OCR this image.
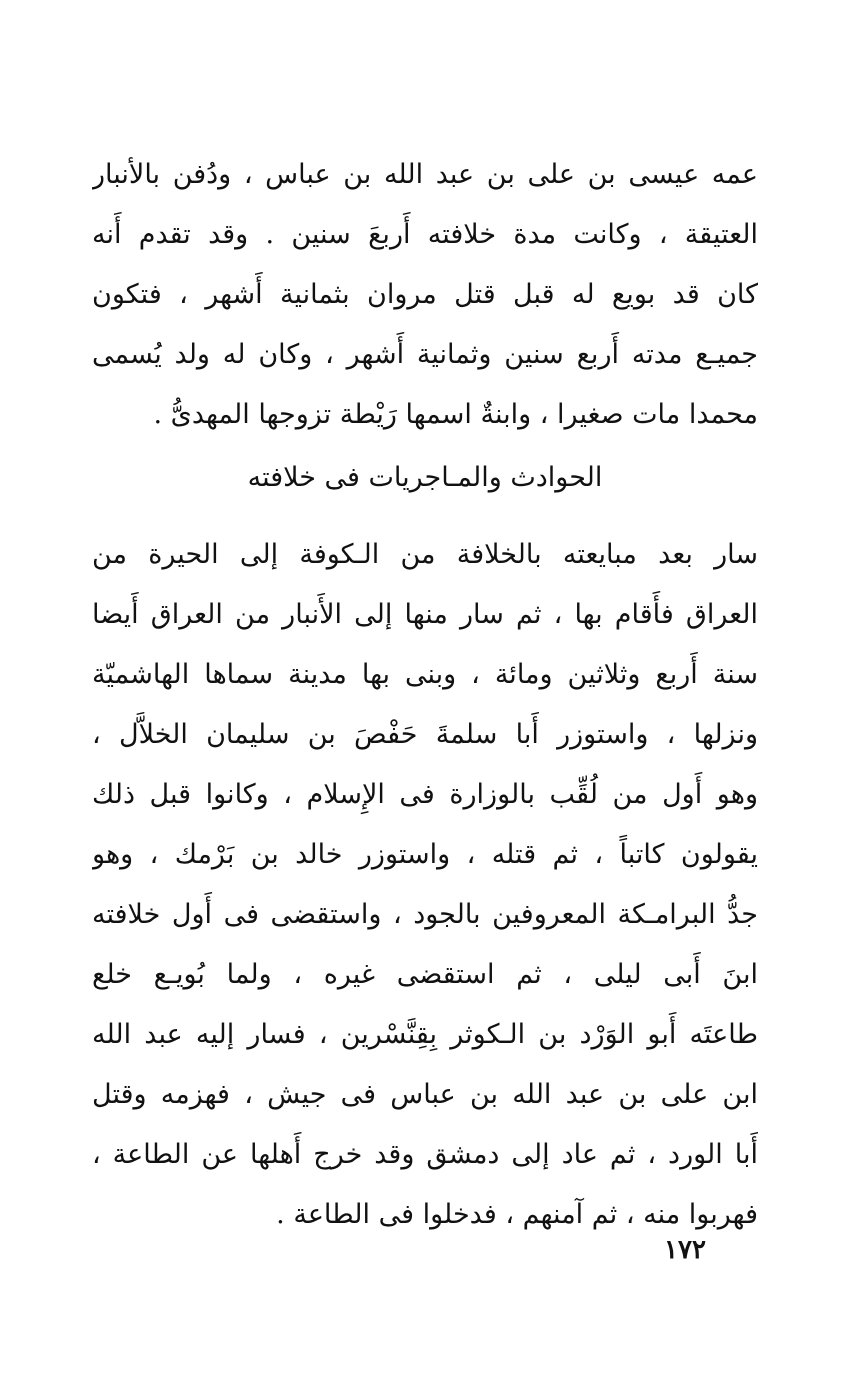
عمه عيسى بن على بن عبد الله بن عباس ، ودُفن بالأنبار
العتيقة ، وكانت مدة خلافته أَربعَ سنين . وقد تقدم أَنه
كان قد بويع له قبل قتل مروان بثمانية أَشهر ، فتكون
جميـع مدته أَربع سنين وثمانية أَشهر ، وكان له ولد يُسمى
محمدا مات صغيرا ، وابنةٌ اسمها رَيْطة تزوجها المهدىُّ .
الحوادث والمـاجريات فى خلافته
سار بعد مبايعته بالخلافة من الـكوفة إلى الحيرة من
العراق فأَقام بها ، ثم سار منها إلى الأَنبار من العراق أَيضا
سنة أَربع وثلاثين ومائة ، وبنى بها مدينة سماها الهاشميّة
ونزلها ، واستوزر أَبا سلمةَ حَفْصَ بن سليمان الخلاَّل ،
وهو أَول من لُقِّب بالوزارة فى الإِسلام ، وكانوا قبل ذلك
يقولون كاتباً ، ثم قتله ، واستوزر خالد بن بَرْمك ، وهو
جدُّ البرامـكة المعروفين بالجود ، واستقضى فى أَول خلافته
ابنَ أَبى ليلى ، ثم استقضى غيره ، ولما بُويـع خلع
طاعتَه أَبو الوَرْد بن الـكوثر بِقِنَّسْرين ، فسار إليه عبد الله
ابن على بن عبد الله بن عباس فى جيش ، فهزمه وقتل
أَبا الورد ، ثم عاد إلى دمشق وقد خرج أَهلها عن الطاعة ،
فهربوا منه ، ثم آمنهم ، فدخلوا فى الطاعة .
١٧٢
